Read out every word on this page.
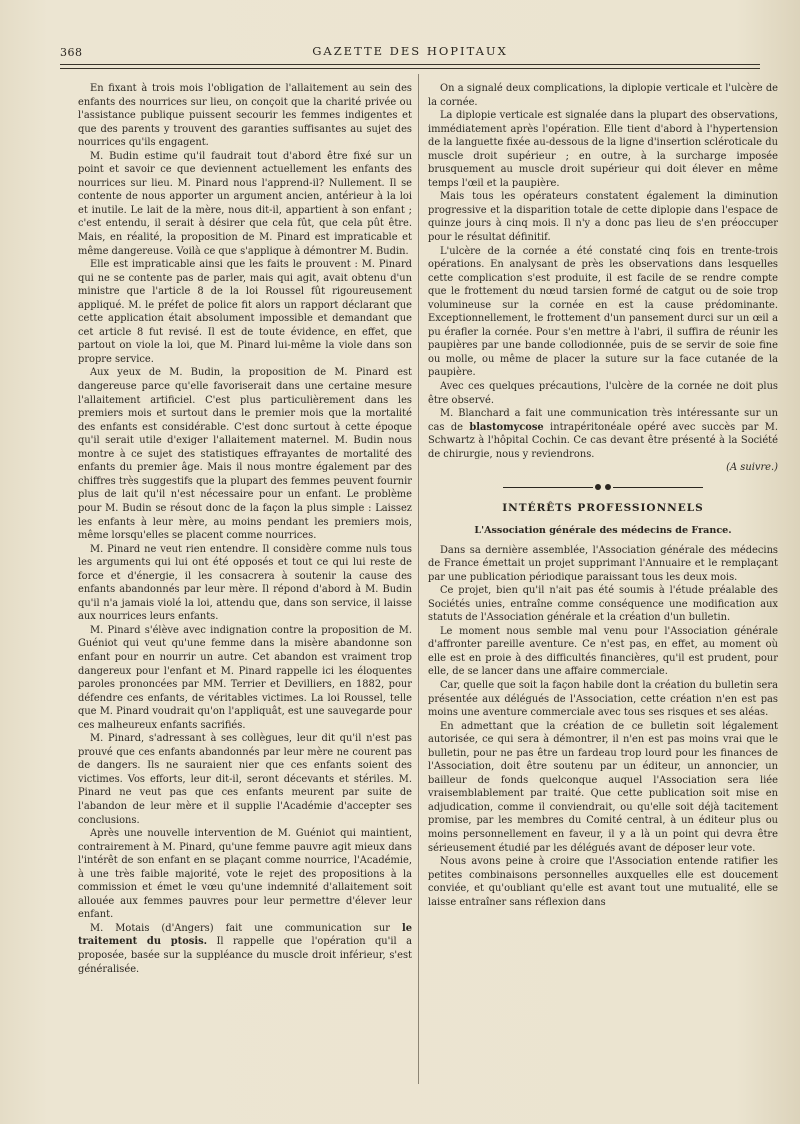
368	GAZETTE DES HOPITAUX

En fixant à trois mois l'obligation de l'allaitement au sein des enfants des nourrices sur lieu, on conçoit que la charité privée ou l'assistance publique puissent secourir les femmes indigentes et que des parents y trouvent des garanties suffisantes au sujet des nourrices qu'ils engagent.

M. Budin estime qu'il faudrait tout d'abord être fixé sur un point et savoir ce que deviennent actuellement les enfants des nourrices sur lieu. M. Pinard nous l'apprend-il? Nullement. Il se contente de nous apporter un argument ancien, antérieur à la loi et inutile. Le lait de la mère, nous dit-il, appartient à son enfant ; c'est entendu, il serait à désirer que cela fût, que cela pût être. Mais, en réalité, la proposition de M. Pinard est impraticable et même dangereuse. Voilà ce que s'applique à démontrer M. Budin.

Elle est impraticable ainsi que les faits le prouvent : M. Pinard qui ne se contente pas de parler, mais qui agit, avait obtenu d'un ministre que l'article 8 de la loi Roussel fût rigoureusement appliqué. M. le préfet de police fit alors un rapport déclarant que cette application était absolument impossible et demandant que cet article 8 fut revisé. Il est de toute évidence, en effet, que partout on viole la loi, que M. Pinard lui-même la viole dans son propre service.

Aux yeux de M. Budin, la proposition de M. Pinard est dangereuse parce qu'elle favoriserait dans une certaine mesure l'allaitement artificiel. C'est plus particulièrement dans les premiers mois et surtout dans le premier mois que la mortalité des enfants est considérable. C'est donc surtout à cette époque qu'il serait utile d'exiger l'allaitement maternel. M. Budin nous montre à ce sujet des statistiques effrayantes de mortalité des enfants du premier âge. Mais il nous montre également par des chiffres très suggestifs que la plupart des femmes peuvent fournir plus de lait qu'il n'est nécessaire pour un enfant. Le problème pour M. Budin se résout donc de la façon la plus simple : Laissez les enfants à leur mère, au moins pendant les premiers mois, même lorsqu'elles se placent comme nourrices.

M. Pinard ne veut rien entendre. Il considère comme nuls tous les arguments qui lui ont été opposés et tout ce qui lui reste de force et d'énergie, il les consacrera à soutenir la cause des enfants abandonnés par leur mère. Il répond d'abord à M. Budin qu'il n'a jamais violé la loi, attendu que, dans son service, il laisse aux nourrices leurs enfants.

M. Pinard s'élève avec indignation contre la proposition de M. Guéniot qui veut qu'une femme dans la misère abandonne son enfant pour en nourrir un autre. Cet abandon est vraiment trop dangereux pour l'enfant et M. Pinard rappelle ici les éloquentes paroles prononcées par MM. Terrier et Devilliers, en 1882, pour défendre ces enfants, de véritables victimes. La loi Roussel, telle que M. Pinard voudrait qu'on l'appliquât, est une sauvegarde pour ces malheureux enfants sacrifiés.

M. Pinard, s'adressant à ses collègues, leur dit qu'il n'est pas prouvé que ces enfants abandonnés par leur mère ne courent pas de dangers. Ils ne sauraient nier que ces enfants soient des victimes. Vos efforts, leur dit-il, seront décevants et stériles. M. Pinard ne veut pas que ces enfants meurent par suite de l'abandon de leur mère et il supplie l'Académie d'accepter ses conclusions.

Après une nouvelle intervention de M. Guéniot qui maintient, contrairement à M. Pinard, qu'une femme pauvre agit mieux dans l'intérêt de son enfant en se plaçant comme nourrice, l'Académie, à une très faible majorité, vote le rejet des propositions à la commission et émet le vœu qu'une indemnité d'allaitement soit allouée aux femmes pauvres pour leur permettre d'élever leur enfant.

M. Motais (d'Angers) fait une communication sur le traitement du ptosis. Il rappelle que l'opération qu'il a proposée, basée sur la suppléance du muscle droit inférieur, s'est généralisée.

On a signalé deux complications, la diplopie verticale et l'ulcère de la cornée.

La diplopie verticale est signalée dans la plupart des observations, immédiatement après l'opération. Elle tient d'abord à l'hypertension de la languette fixée au-dessous de la ligne d'insertion scléroticale du muscle droit supérieur ; en outre, à la surcharge imposée brusquement au muscle droit supérieur qui doit élever en même temps l'œil et la paupière.

Mais tous les opérateurs constatent également la diminution progressive et la disparition totale de cette diplopie dans l'espace de quinze jours à cinq mois. Il n'y a donc pas lieu de s'en préoccuper pour le résultat définitif.

L'ulcère de la cornée a été constaté cinq fois en trente-trois opérations. En analysant de près les observations dans lesquelles cette complication s'est produite, il est facile de se rendre compte que le frottement du nœud tarsien formé de catgut ou de soie trop volumineuse sur la cornée en est la cause prédominante. Exceptionnellement, le frottement d'un pansement durci sur un œil a pu érafler la cornée. Pour s'en mettre à l'abri, il suffira de réunir les paupières par une bande collodionnée, puis de se servir de soie fine ou molle, ou même de placer la suture sur la face cutanée de la paupière.

Avec ces quelques précautions, l'ulcère de la cornée ne doit plus être observé.

M. Blanchard a fait une communication très intéressante sur un cas de blastomycose intrapéritonéale opéré avec succès par M. Schwartz à l'hôpital Cochin. Ce cas devant être présenté à la Société de chirurgie, nous y reviendrons.

(A suivre.)

INTÉRÊTS PROFESSIONNELS
L'Association générale des médecins de France.

Dans sa dernière assemblée, l'Association générale des médecins de France émettait un projet supprimant l'Annuaire et le remplaçant par une publication périodique paraissant tous les deux mois.

Ce projet, bien qu'il n'ait pas été soumis à l'étude préalable des Sociétés unies, entraîne comme conséquence une modification aux statuts de l'Association générale et la création d'un bulletin.

Le moment nous semble mal venu pour l'Association générale d'affronter pareille aventure. Ce n'est pas, en effet, au moment où elle est en proie à des difficultés financières, qu'il est prudent, pour elle, de se lancer dans une affaire commerciale.

Car, quelle que soit la façon habile dont la création du bulletin sera présentée aux délégués de l'Association, cette création n'en est pas moins une aventure commerciale avec tous ses risques et ses aléas.

En admettant que la création de ce bulletin soit légalement autorisée, ce qui sera à démontrer, il n'en est pas moins vrai que le bulletin, pour ne pas être un fardeau trop lourd pour les finances de l'Association, doit être soutenu par un éditeur, un annoncier, un bailleur de fonds quelconque auquel l'Association sera liée vraisemblablement par traité. Que cette publication soit mise en adjudication, comme il conviendrait, ou qu'elle soit déjà tacitement promise, par les membres du Comité central, à un éditeur plus ou moins personnellement en faveur, il y a là un point qui devra être sérieusement étudié par les délégués avant de déposer leur vote.

Nous avons peine à croire que l'Association entende ratifier les petites combinaisons personnelles auxquelles elle est doucement conviée, et qu'oubliant qu'elle est avant tout une mutualité, elle se laisse entraîner sans réflexion dans
